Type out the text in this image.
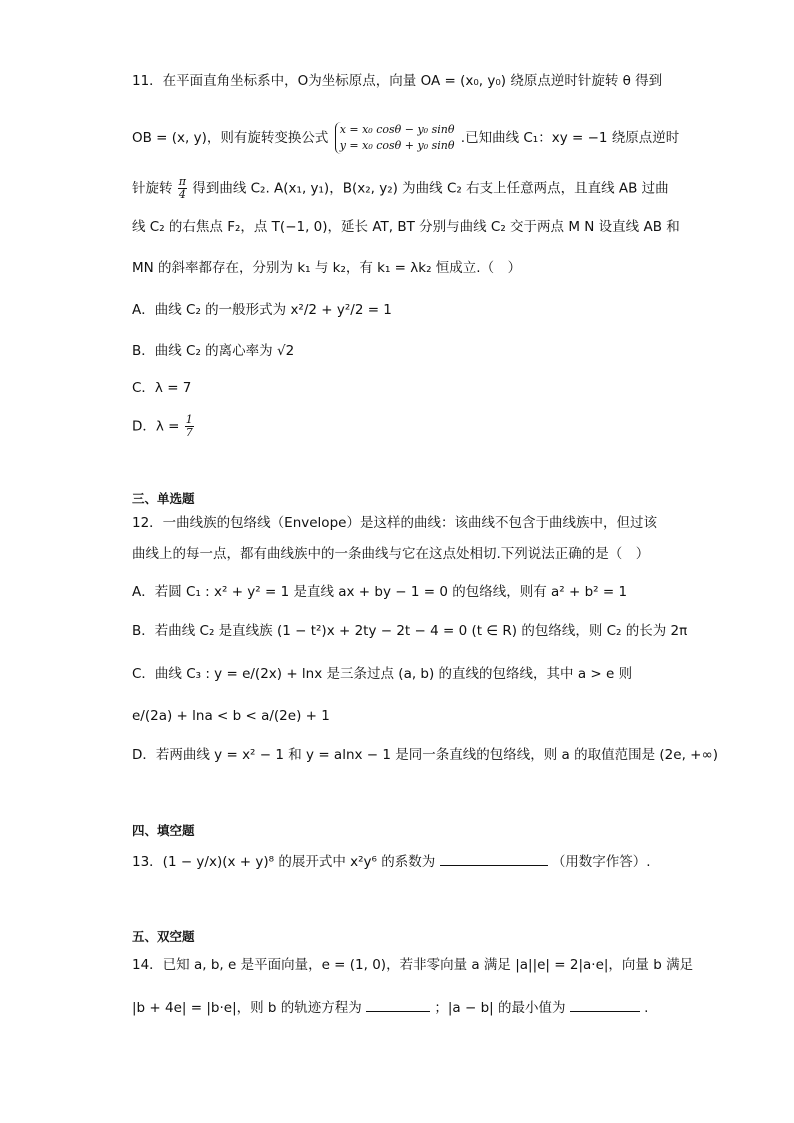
11．在平面直角坐标系中，O为坐标原点，向量 OA = (x₀, y₀) 绕原点逆时针旋转 θ 得到
OB = (x, y)，则有旋转变换公式
x = x₀ cosθ − y₀ sinθ
y = x₀ cosθ + y₀ sinθ .已知曲线 C₁：xy = −1 绕原点逆时
针旋转 $\frac{\pi}{4}$ 得到曲线 C₂. A(x₁, y₁)，B(x₂, y₂) 为曲线 C₂ 右支上任意两点，且直线 AB 过曲
线 C₂ 的右焦点 F₂，点 T(−1, 0)，延长 AT, BT 分别与曲线 C₂ 交于两点 M N 设直线 AB 和
MN 的斜率都存在，分别为 k₁ 与 k₂，有 k₁ = λk₂ 恒成立.（　）
A．曲线 C₂ 的一般形式为 x²/2 + y²/2 = 1
B．曲线 C₂ 的离心率为 √2
C．λ = 7
D．$\lambda = \frac{1}{7}$
三、单选题
12．一曲线族的包络线（Envelope）是这样的曲线：该曲线不包含于曲线族中，但过该
曲线上的每一点，都有曲线族中的一条曲线与它在这点处相切.下列说法正确的是（　）
A．若圆 C₁ : x² + y² = 1 是直线 ax + by − 1 = 0 的包络线，则有 a² + b² = 1
B．若曲线 C₂ 是直线族 (1 − t²)x + 2ty − 2t − 4 = 0 (t ∈ R) 的包络线，则 C₂ 的长为 2π
C．曲线 C₃ : y = e/(2x) + lnx 是三条过点 (a, b) 的直线的包络线，其中 a > e 则
e/(2a) + lna < b < a/(2e) + 1
D．若两曲线 y = x² − 1 和 y = alnx − 1 是同一条直线的包络线，则 a 的取值范围是 (2e, +∞)
四、填空题
13．(1 − y/x)(x + y)⁸ 的展开式中 x²y⁶ 的系数为	（用数字作答）.
五、双空题
14．已知 a, b, e 是平面向量，e = (1, 0)，若非零向量 a 满足 |a||e| = 2|a·e|，向量 b 满足
|b + 4e| = |b·e|，则 b 的轨迹方程为	；|a − b| 的最小值为	.
